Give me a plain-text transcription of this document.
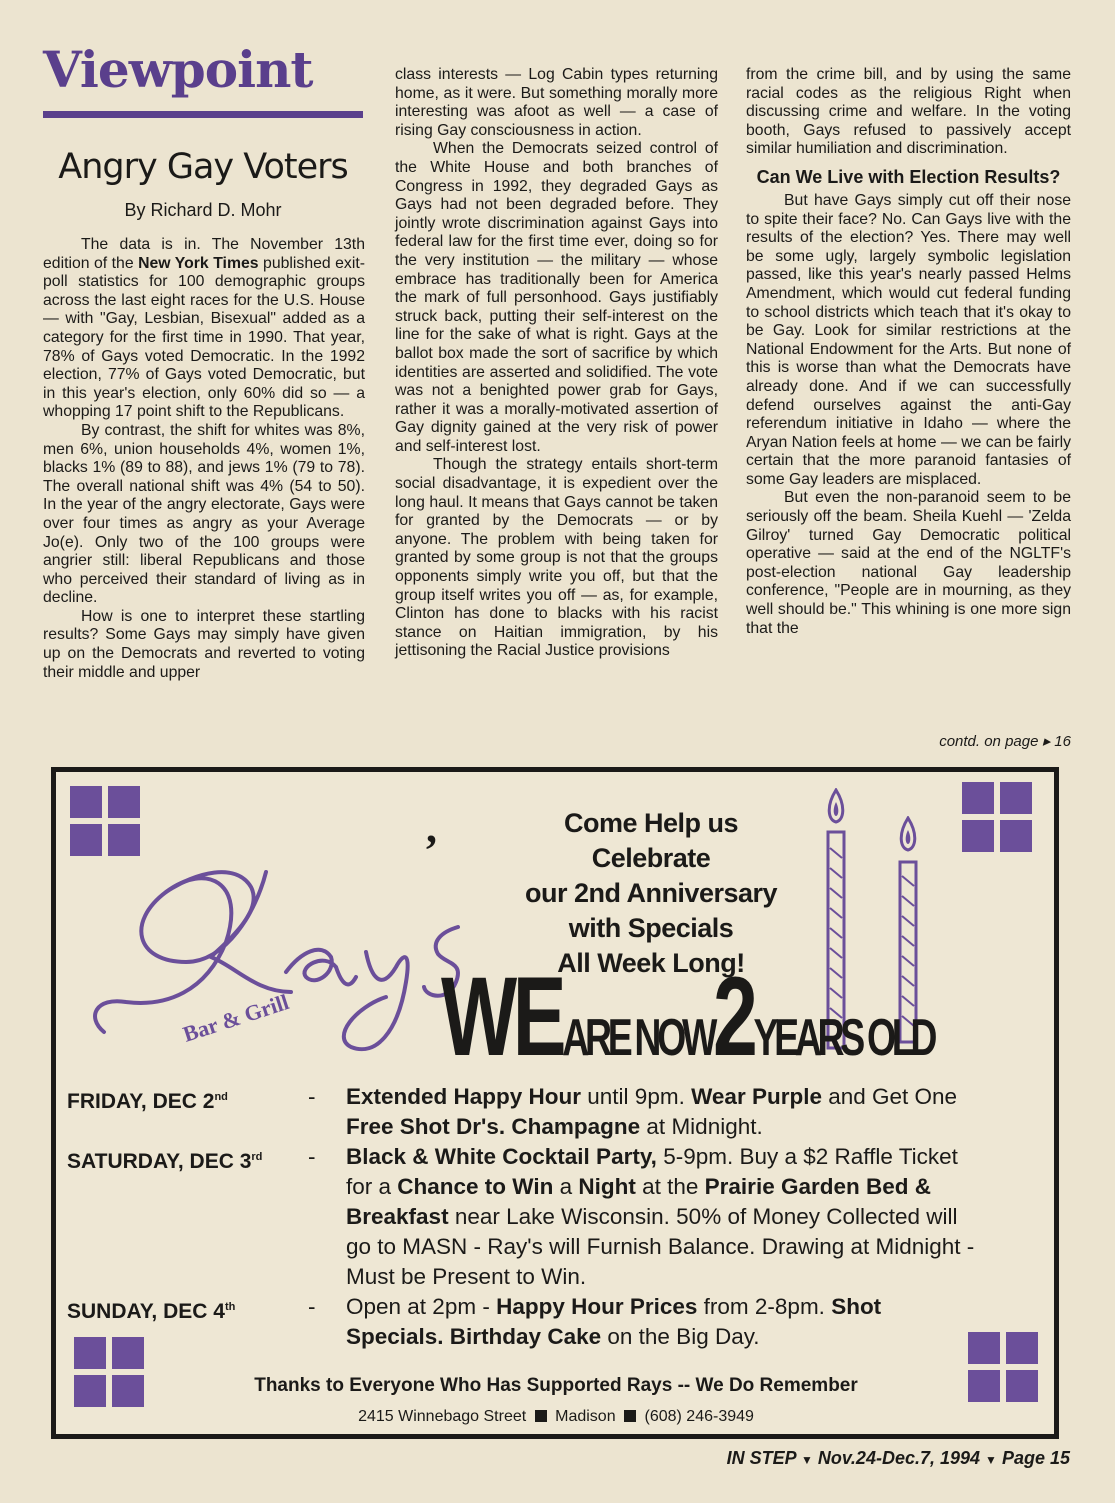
Viewpoint
Angry Gay Voters
By Richard D. Mohr

The data is in. The November 13th edition of the New York Times published exit-poll statistics for 100 demographic groups across the last eight races for the U.S. House — with "Gay, Lesbian, Bisexual" added as a category for the first time in 1990. That year, 78% of Gays voted Democratic. In the 1992 election, 77% of Gays voted Democratic, but in this year's election, only 60% did so — a whopping 17 point shift to the Republicans.

By contrast, the shift for whites was 8%, men 6%, union households 4%, women 1%, blacks 1% (89 to 88), and jews 1% (79 to 78). The overall national shift was 4% (54 to 50). In the year of the angry electorate, Gays were over four times as angry as your Average Jo(e). Only two of the 100 groups were angrier still: liberal Republicans and those who perceived their standard of living as in decline.

How is one to interpret these startling results? Some Gays may simply have given up on the Democrats and reverted to voting their middle and upper

class interests — Log Cabin types returning home, as it were. But something morally more interesting was afoot as well — a case of rising Gay consciousness in action.

When the Democrats seized control of the White House and both branches of Congress in 1992, they degraded Gays as Gays had not been degraded before. They jointly wrote discrimination against Gays into federal law for the first time ever, doing so for the very institution — the military — whose embrace has traditionally been for America the mark of full personhood. Gays justifiably struck back, putting their self-interest on the line for the sake of what is right. Gays at the ballot box made the sort of sacrifice by which identities are asserted and solidified. The vote was not a benighted power grab for Gays, rather it was a morally-motivated assertion of Gay dignity gained at the very risk of power and self-interest lost.

Though the strategy entails short-term social disadvantage, it is expedient over the long haul. It means that Gays cannot be taken for granted by the Democrats — or by anyone. The problem with being taken for granted by some group is not that the groups opponents simply write you off, but that the group itself writes you off — as, for example, Clinton has done to blacks with his racist stance on Haitian immigration, by his jettisoning the Racial Justice provisions

from the crime bill, and by using the same racial codes as the religious Right when discussing crime and welfare. In the voting booth, Gays refused to passively accept similar humiliation and discrimination.

Can We Live with Election Results?

But have Gays simply cut off their nose to spite their face? No. Can Gays live with the results of the election? Yes. There may well be some ugly, largely symbolic legislation passed, like this year's nearly passed Helms Amendment, which would cut federal funding to school districts which teach that it's okay to be Gay. Look for similar restrictions at the National Endowment for the Arts. But none of this is worse than what the Democrats have already done. And if we can successfully defend ourselves against the anti-Gay referendum initiative in Idaho — where the Aryan Nation feels at home — we can be fairly certain that the more paranoid fantasies of some Gay leaders are misplaced.

But even the non-paranoid seem to be seriously off the beam. Sheila Kuehl — 'Zelda Gilroy' turned Gay Democratic political operative — said at the end of the NGLTF's post-election national Gay leadership conference, "People are in mourning, as they well should be." This whining is one more sign that the

contd. on page ▸ 16
Bar & Grill
,	Come Help us Celebrate
our 2nd Anniversary
with Specials
All Week Long!
WE ARE NOW 2 YEARS OLD
FRIDAY, DEC 2nd	- Extended Happy Hour until 9pm. Wear Purple and Get One
Free Shot Dr's. Champagne at Midnight.
SATURDAY, DEC 3rd - Black & White Cocktail Party, 5-9pm. Buy a $2 Raffle Ticket
for a Chance to Win a Night at the Prairie Garden Bed &
Breakfast near Lake Wisconsin. 50% of Money Collected will
go to MASN - Ray's will Furnish Balance. Drawing at Midnight -
Must be Present to Win.
SUNDAY, DEC 4th	- Open at 2pm - Happy Hour Prices from 2-8pm. Shot
Specials. Birthday Cake on the Big Day.
Thanks to Everyone Who Has Supported Rays -- We Do Remember
2415 Winnebago Street Madison (608) 246-3949
IN STEP ▼ Nov.24-Dec.7, 1994 ▼ Page 15
